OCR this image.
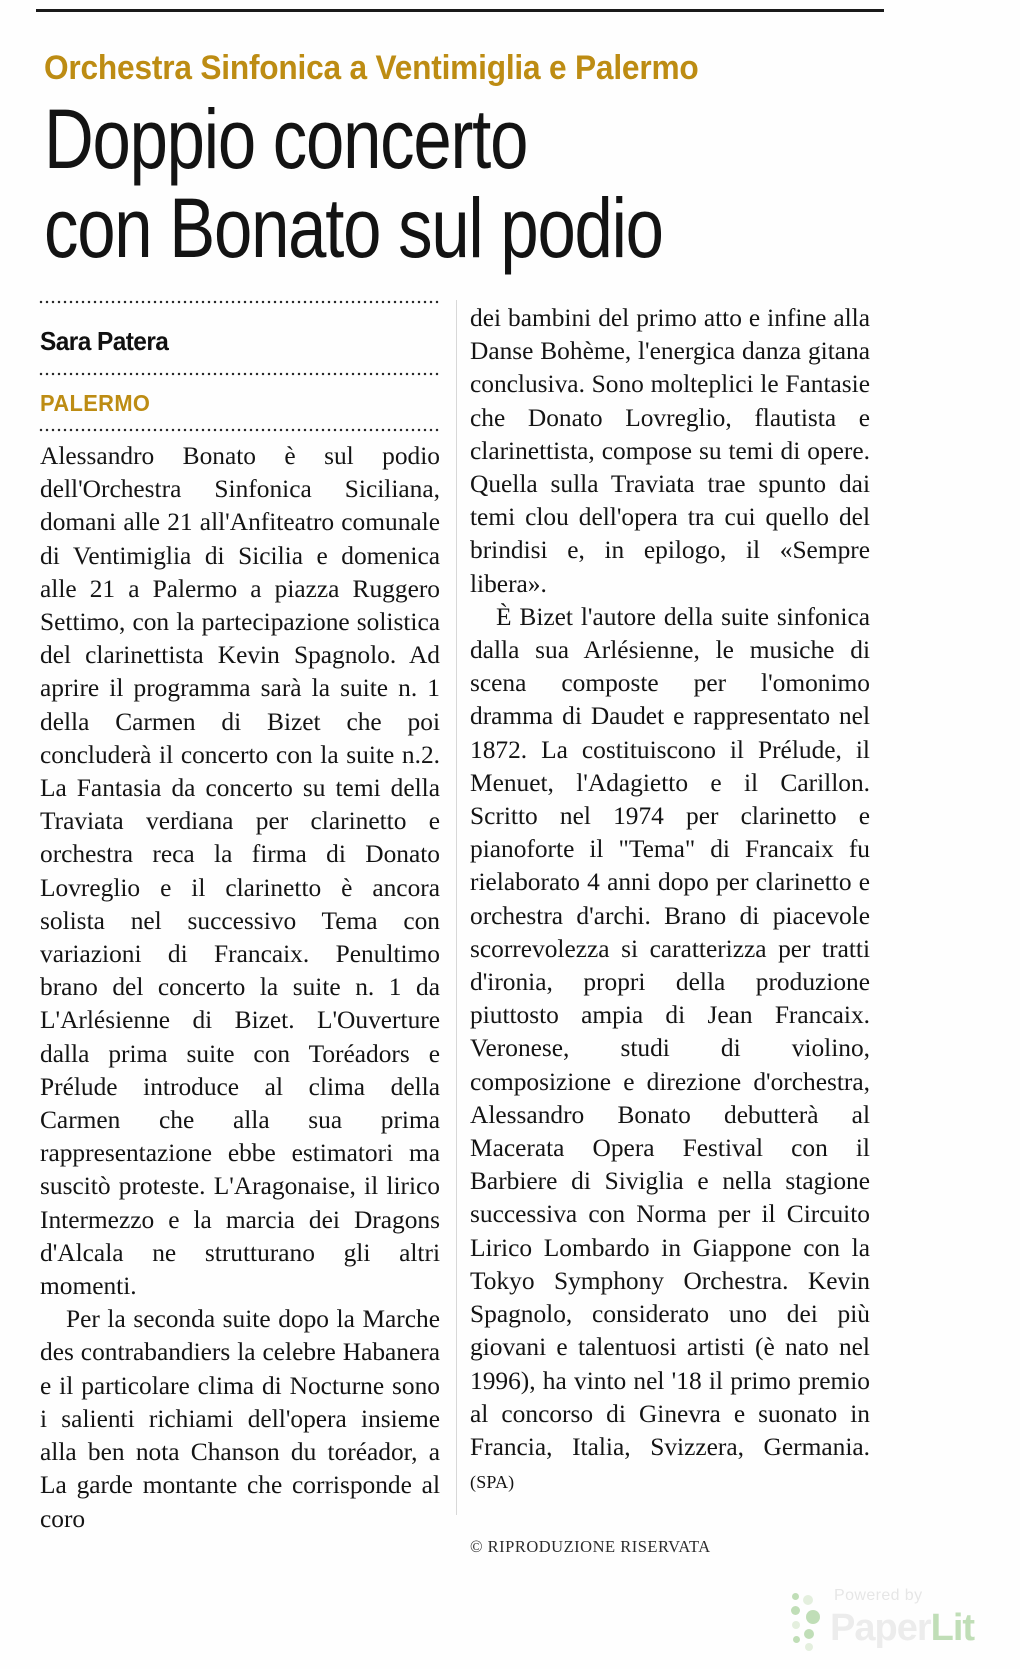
Orchestra Sinfonica a Ventimiglia e Palermo
Doppio concerto
con Bonato sul podio
Sara Patera
PALERMO

Alessandro Bonato è sul podio dell'Orchestra Sinfonica Siciliana, domani alle 21 all'Anfiteatro comunale di Ventimiglia di Sicilia e domenica alle 21 a Palermo a piazza Ruggero Settimo, con la partecipazione solistica del clarinettista Kevin Spagnolo. Ad aprire il programma sarà la suite n. 1 della Carmen di Bizet che poi concluderà il concerto con la suite n.2. La Fantasia da concerto su temi della Traviata verdiana per clarinetto e orchestra reca la firma di Donato Lovreglio e il clarinetto è ancora solista nel successivo Tema con variazioni di Francaix. Penultimo brano del concerto la suite n. 1 da L'Arlésienne di Bizet. L'Ouverture dalla prima suite con Toréadors e Prélude introduce al clima della Carmen che alla sua prima rappresentazione ebbe estimatori ma suscitò proteste. L'Aragonaise, il lirico Intermezzo e la marcia dei Dragons d'Alcala ne strutturano gli altri momenti.

Per la seconda suite dopo la Marche des contrabandiers la celebre Habanera e il particolare clima di Nocturne sono i salienti richiami dell'opera insieme alla ben nota Chanson du toréador, a La garde montante che corrisponde al coro

dei bambini del primo atto e infine alla Danse Bohème, l'energica danza gitana conclusiva. Sono molteplici le Fantasie che Donato Lovreglio, flautista e clarinettista, compose su temi di opere. Quella sulla Traviata trae spunto dai temi clou dell'opera tra cui quello del brindisi e, in epilogo, il «Sempre libera».

È Bizet l'autore della suite sinfonica dalla sua Arlésienne, le musiche di scena composte per l'omonimo dramma di Daudet e rappresentato nel 1872. La costituiscono il Prélude, il Menuet, l'Adagietto e il Carillon. Scritto nel 1974 per clarinetto e pianoforte il "Tema" di Francaix fu rielaborato 4 anni dopo per clarinetto e orchestra d'archi. Brano di piacevole scorrevolezza si caratterizza per tratti d'ironia, propri della produzione piuttosto ampia di Jean Francaix. Veronese, studi di violino, composizione e direzione d'orchestra, Alessandro Bonato debutterà al Macerata Opera Festival con il Barbiere di Siviglia e nella stagione successiva con Norma per il Circuito Lirico Lombardo in Giappone con la Tokyo Symphony Orchestra. Kevin Spagnolo, considerato uno dei più giovani e talentuosi artisti (è nato nel 1996), ha vinto nel '18 il primo premio al concorso di Ginevra e suonato in Francia, Italia, Svizzera, Germania. (SPA)

© RIPRODUZIONE RISERVATA
Powered by
PaperLit
